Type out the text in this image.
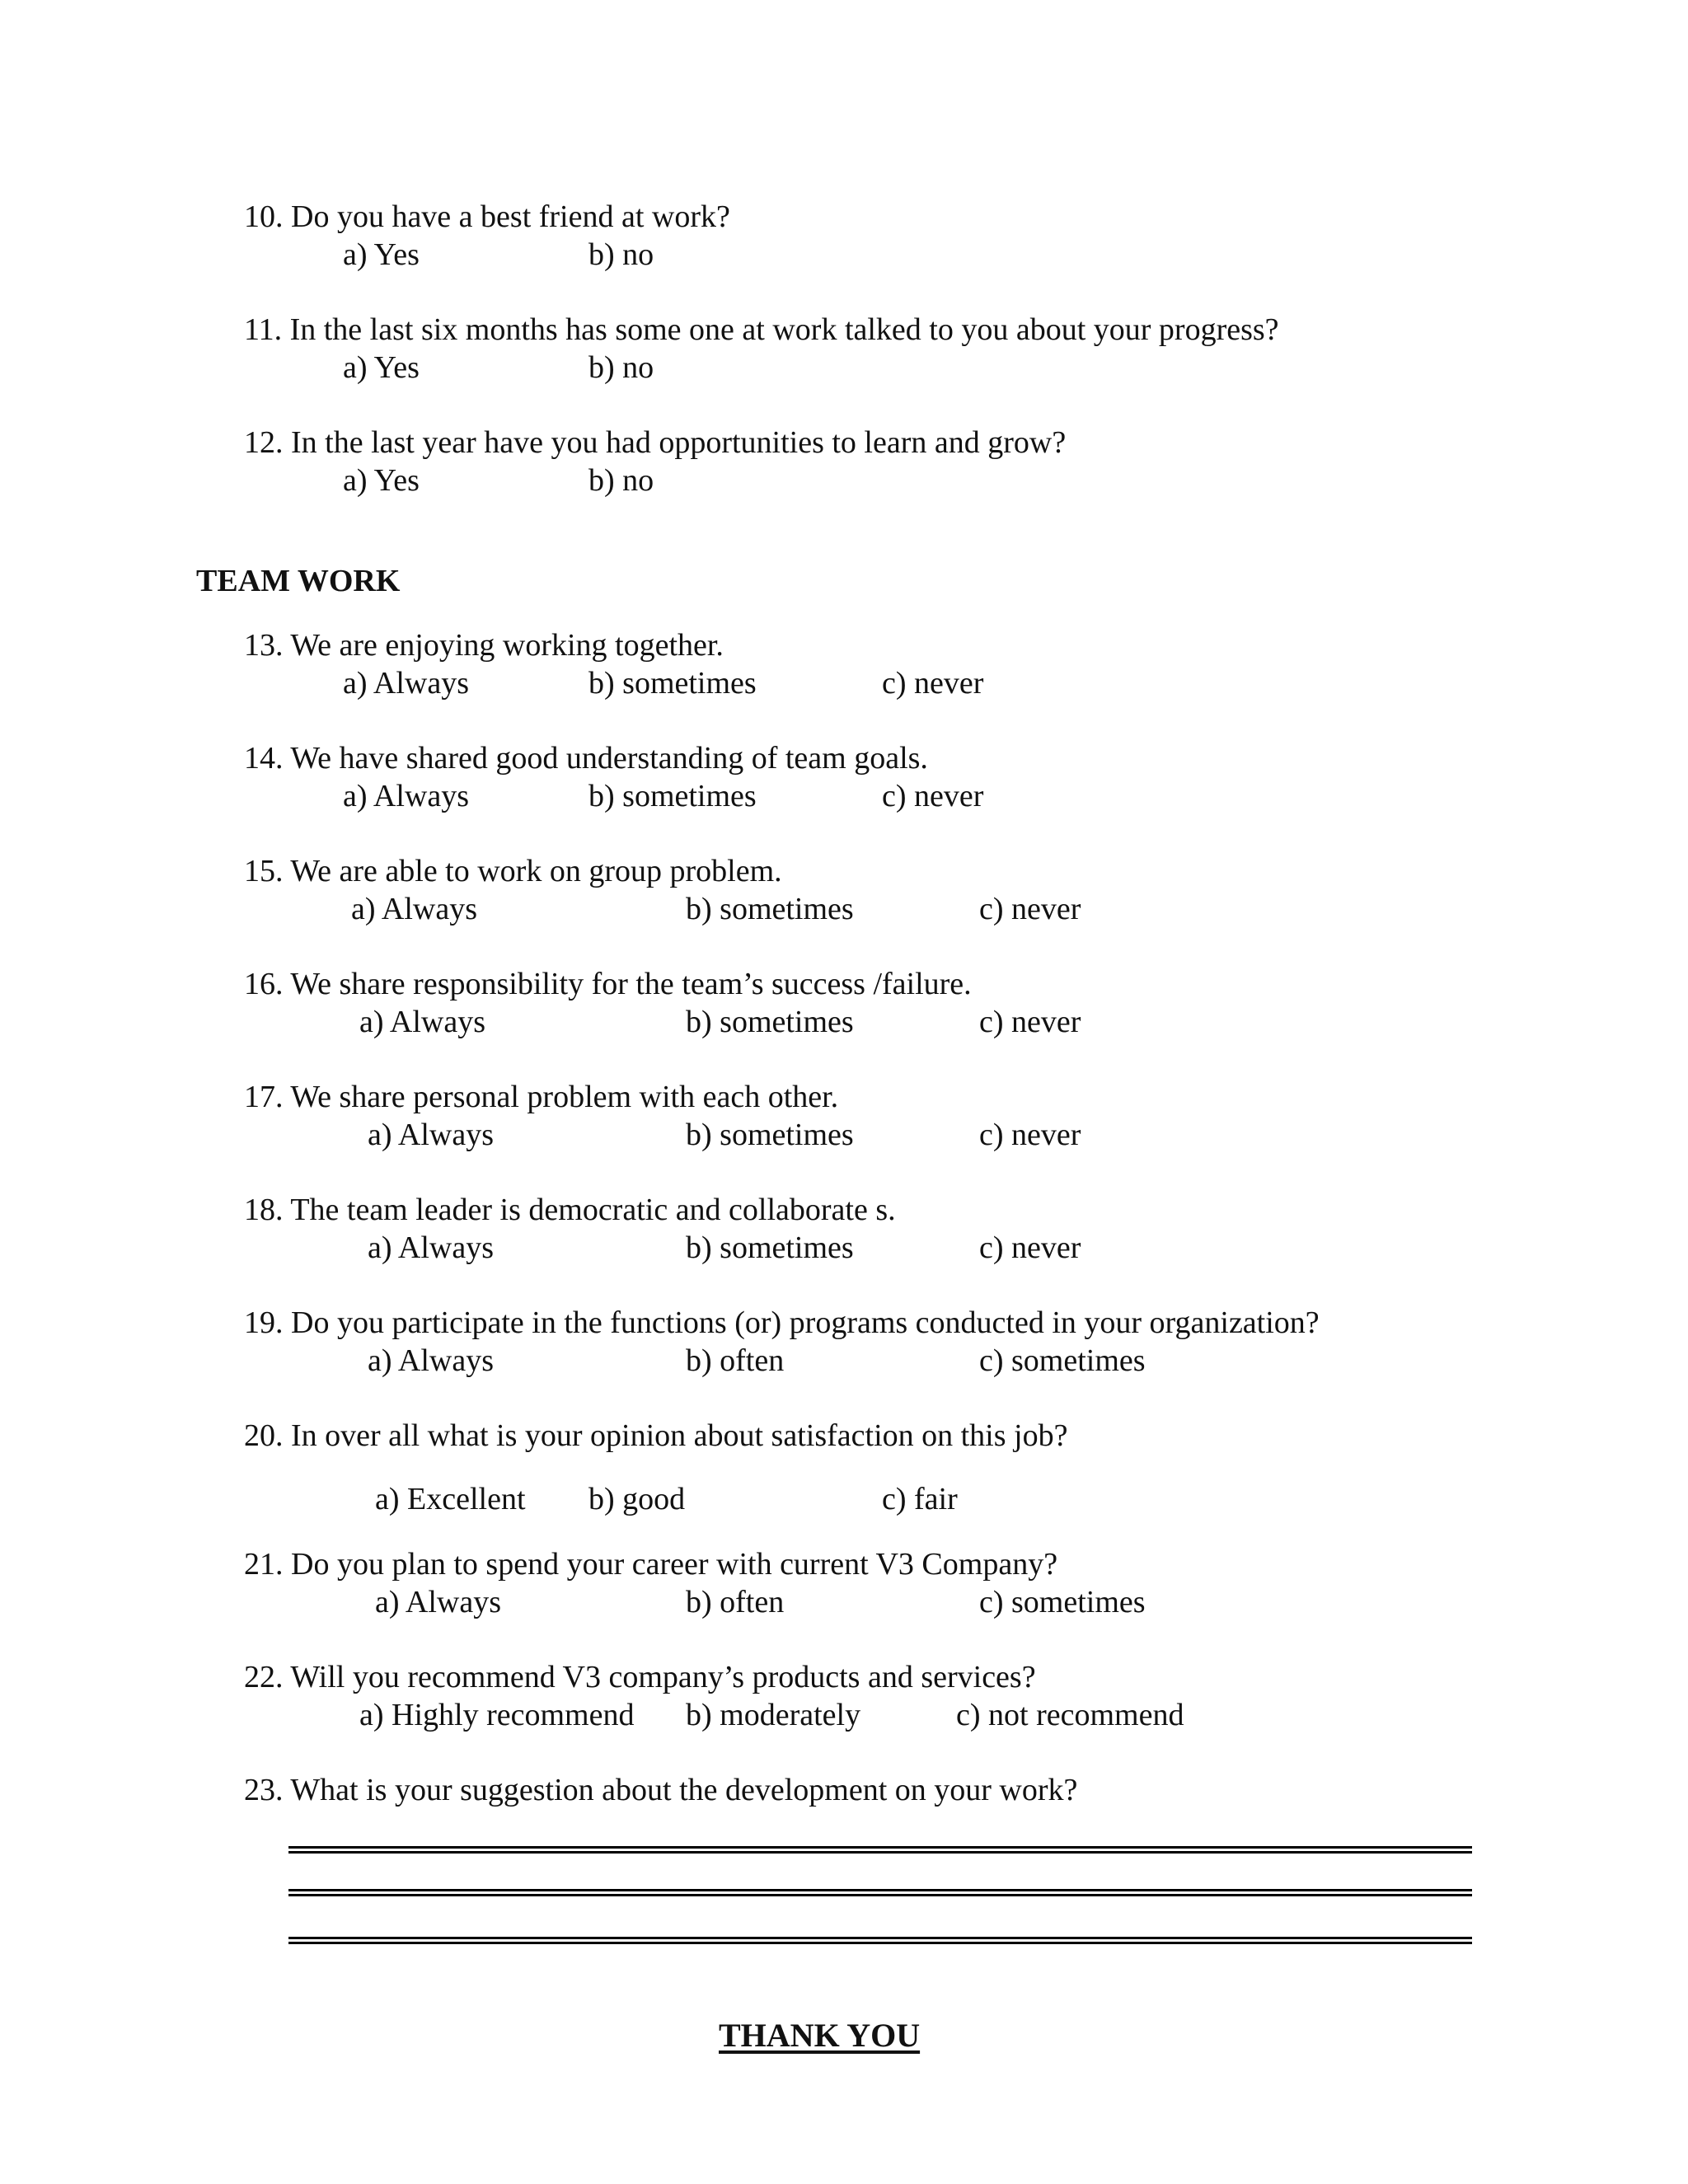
10. Do you have a best friend at work?
a) Yes	b) no
11. In the last six months has some one at work talked to you about your progress?
a) Yes	b) no
12. In the last year have you had opportunities to learn and grow?
a) Yes	b) no
TEAM WORK
13. We are enjoying working together.
a) Always	b) sometimes	c) never
14. We have shared good understanding of team goals.
a) Always	b) sometimes	c) never
15. We are able to work on group problem.
a) Always	b) sometimes	c) never
16. We share responsibility for the team’s success /failure.
a) Always	b) sometimes	c) never
17. We share personal problem with each other.
a) Always	b) sometimes	c) never
18. The team leader is democratic and collaborate s.
a) Always	b) sometimes	c) never
19. Do you participate in the functions (or) programs conducted in your organization?
a) Always	b) often	c) sometimes
20. In over all what is your opinion about satisfaction on this job?
a) Excellent b) good	c) fair
21. Do you plan to spend your career with current V3 Company?
a) Always	b) often	c) sometimes
22. Will you recommend V3 company’s products and services?
a) Highly recommend b) moderately	c) not recommend
23. What is your suggestion about the development on your work?
THANK YOU
